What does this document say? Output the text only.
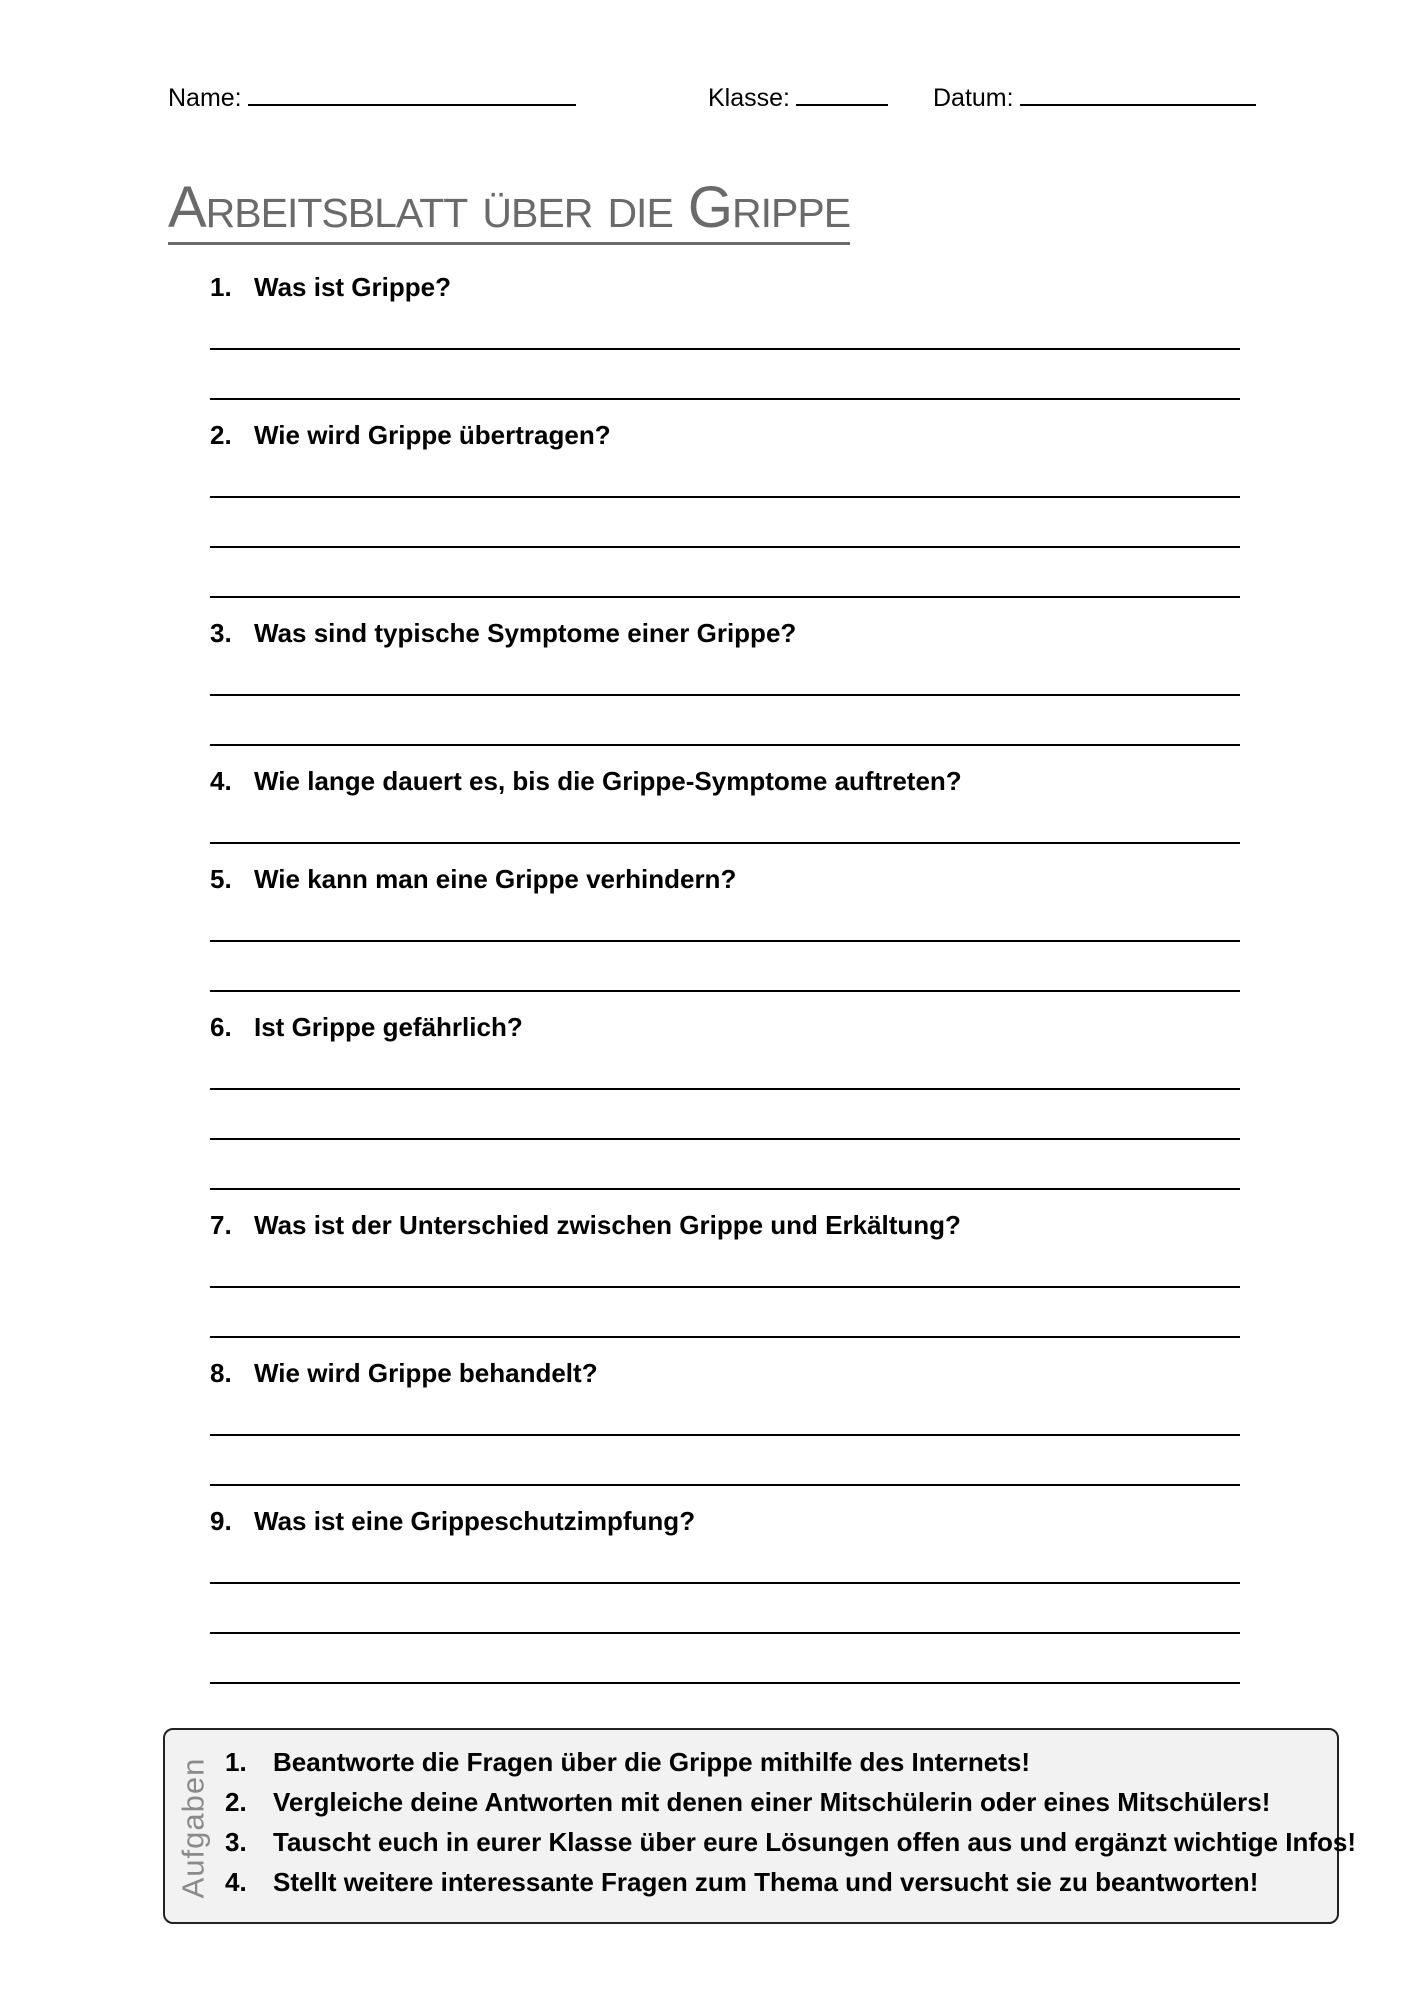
Name:	Klasse:	Datum:
Arbeitsblatt über die Grippe
1. Was ist Grippe?
2. Wie wird Grippe übertragen?
3. Was sind typische Symptome einer Grippe?
4. Wie lange dauert es, bis die Grippe-Symptome auftreten?
5. Wie kann man eine Grippe verhindern?
6. Ist Grippe gefährlich?
7. Was ist der Unterschied zwischen Grippe und Erkältung?
8. Wie wird Grippe behandelt?
9. Was ist eine Grippeschutzimpfung?
Aufgaben 1. Beantworte die Fragen über die Grippe mithilfe des Internets!
2. Vergleiche deine Antworten mit denen einer Mitschülerin oder eines Mitschülers!
3. Tauscht euch in eurer Klasse über eure Lösungen offen aus und ergänzt wichtige Infos!
4. Stellt weitere interessante Fragen zum Thema und versucht sie zu beantworten!
